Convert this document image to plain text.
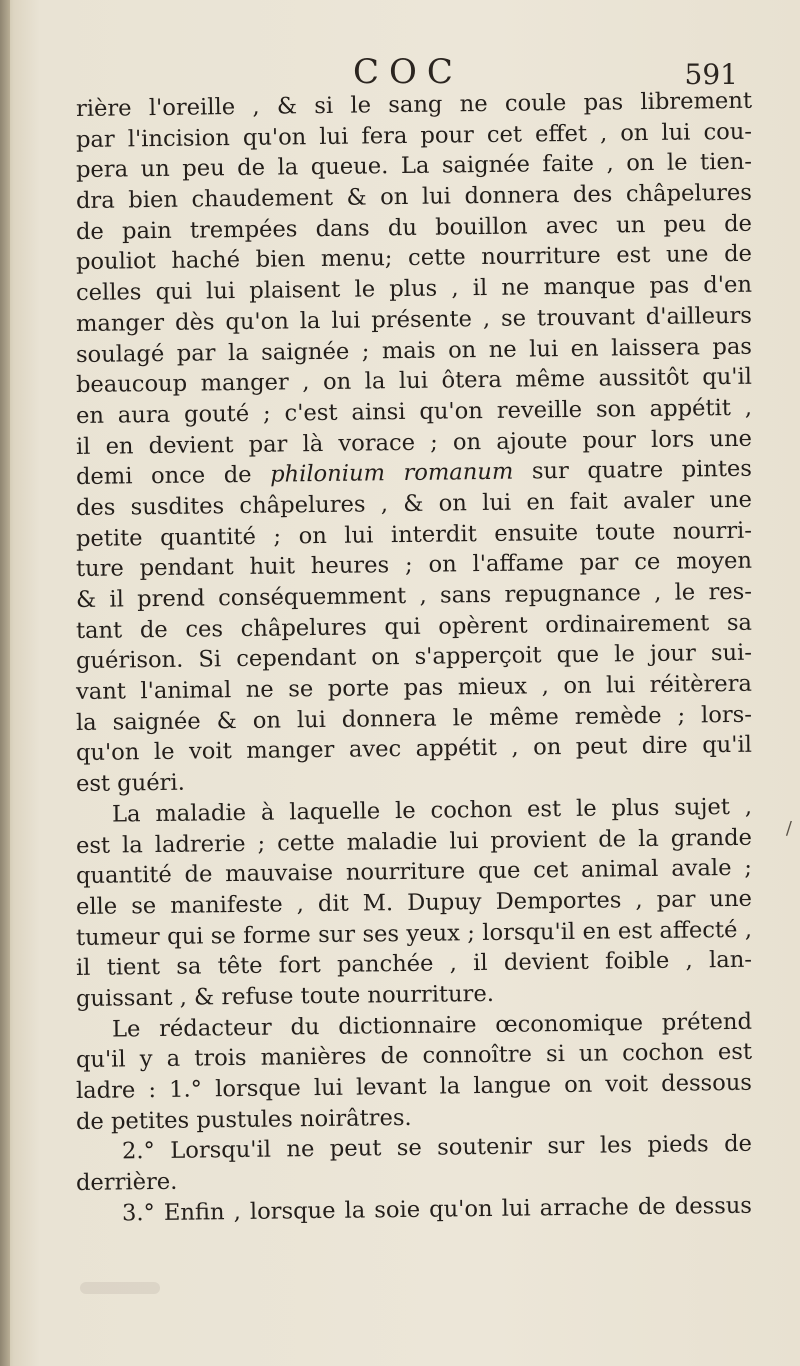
COC	591
rière l'oreille , & si le sang ne coule pas librement
par l'incision qu'on lui fera pour cet effet , on lui cou-
pera un peu de la queue. La saignée faite , on le tien-
dra bien chaudement & on lui donnera des châpelures
de pain trempées dans du bouillon avec un peu de
pouliot haché bien menu; cette nourriture est une de
celles qui lui plaisent le plus , il ne manque pas d'en
manger dès qu'on la lui présente , se trouvant d'ailleurs
soulagé par la saignée ; mais on ne lui en laissera pas
beaucoup manger , on la lui ôtera même aussitôt qu'il
en aura gouté ; c'est ainsi qu'on reveille son appétit ,
il en devient par là vorace ; on ajoute pour lors une
demi once de philonium romanum sur quatre pintes
des susdites châpelures , & on lui en fait avaler une
petite quantité ; on lui interdit ensuite toute nourri-
ture pendant huit heures ; on l'affame par ce moyen
& il prend conséquemment , sans repugnance , le res-
tant de ces châpelures qui opèrent ordinairement sa
guérison. Si cependant on s'apperçoit que le jour sui-
vant l'animal ne se porte pas mieux , on lui réitèrera
la saignée & on lui donnera le même remède ; lors-
qu'on le voit manger avec appétit , on peut dire qu'il
est guéri.
La maladie à laquelle le cochon est le plus sujet ,
est la ladrerie ; cette maladie lui provient de la grande
quantité de mauvaise nourriture que cet animal avale ;
elle se manifeste , dit M. Dupuy Demportes , par une
tumeur qui se forme sur ses yeux ; lorsqu'il en est affecté ,
il tient sa tête fort panchée , il devient foible , lan-
guissant , & refuse toute nourriture.
Le rédacteur du dictionnaire œconomique prétend
qu'il y a trois manières de connoître si un cochon est
ladre : 1.° lorsque lui levant la langue on voit dessous
de petites pustules noirâtres.
2.° Lorsqu'il ne peut se soutenir sur les pieds de
derrière.
3.° Enfin , lorsque la soie qu'on lui arrache de dessus
/
